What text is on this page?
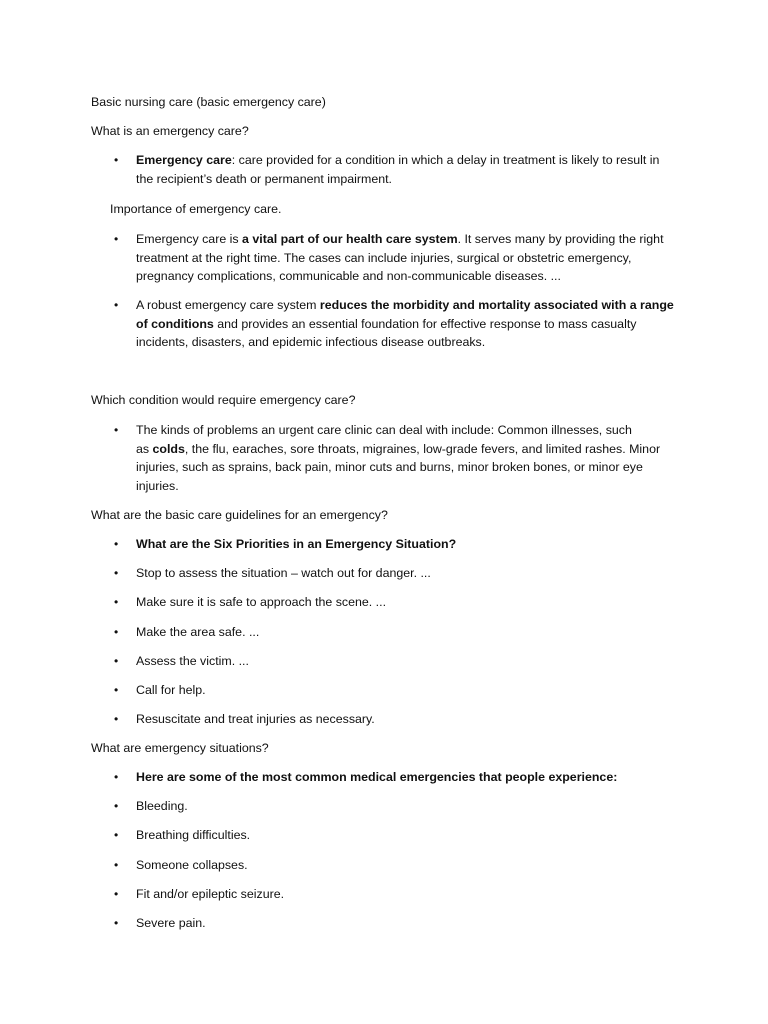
Basic nursing care (basic emergency care)

What is an emergency care?

• Emergency care: care provided for a condition in which a delay in treatment is likely to result in
the recipient’s death or permanent impairment.

Importance of emergency care.

• Emergency care is a vital part of our health care system. It serves many by providing the right
treatment at the right time. The cases can include injuries, surgical or obstetric emergency,
pregnancy complications, communicable and non-communicable diseases. ...
• A robust emergency care system reduces the morbidity and mortality associated with a range
of conditions and provides an essential foundation for effective response to mass casualty
incidents, disasters, and epidemic infectious disease outbreaks.

Which condition would require emergency care?

• The kinds of problems an urgent care clinic can deal with include: Common illnesses, such
as colds, the flu, earaches, sore throats, migraines, low-grade fevers, and limited rashes. Minor
injuries, such as sprains, back pain, minor cuts and burns, minor broken bones, or minor eye
injuries.

What are the basic care guidelines for an emergency?

• What are the Six Priorities in an Emergency Situation?
• Stop to assess the situation – watch out for danger. ...
• Make sure it is safe to approach the scene. ...
• Make the area safe. ...
• Assess the victim. ...
• Call for help.
• Resuscitate and treat injuries as necessary.

What are emergency situations?

• Here are some of the most common medical emergencies that people experience:
• Bleeding.
• Breathing difficulties.
• Someone collapses.
• Fit and/or epileptic seizure.
• Severe pain.
